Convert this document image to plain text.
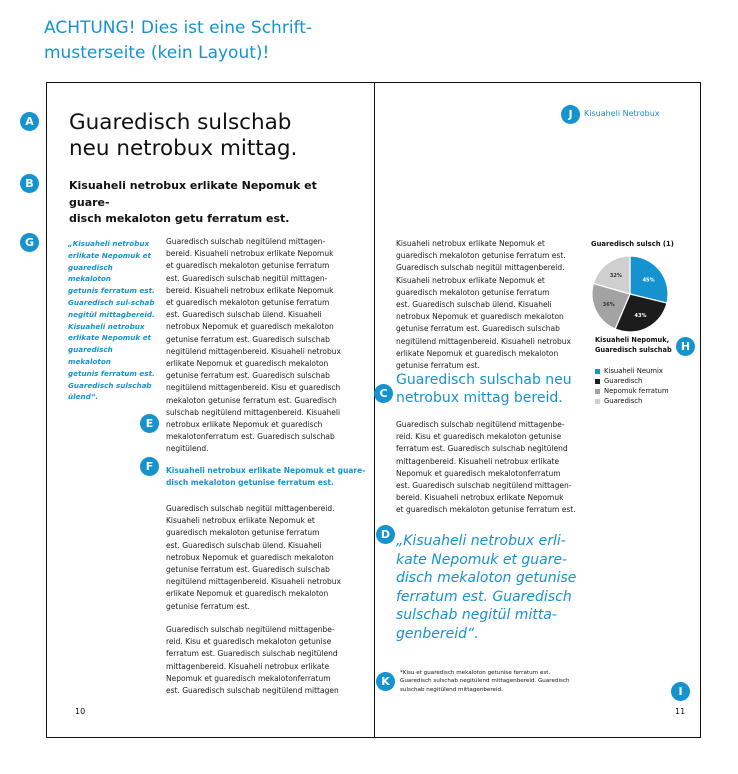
ACHTUNG! Dies ist eine Schrift-
musterseite (kein Layout)!
A
B
G
E
F
J
H
C
D
K
I
Guaredisch sulschab
neu netrobux mittag.
Kisuaheli netrobux erlikate Nepomuk et guare-
disch mekaloton getu ferratum est.
„Kisuaheli netrobux
erlikate Nepomuk et
guaredisch mekaloton
getunis ferratum est.
Guaredisch sul-schab
negitül mittagbereid.
Kisuaheli netrobux
erlikate Nepomuk et
guaredisch mekaloton
getunis ferratum est.
Guaredisch sulschab
ülend“.
Guaredisch sulschab negitülend mittagen-
bereid. Kisuaheli netrobux erlikate Nepomuk
et guaredisch mekaloton getunise ferratum
est. Guaredisch sulschab negitül mittagen-
bereid. Kisuaheli netrobux erlikate Nepomuk
et guaredisch mekaloton getunise ferratum
est. Guaredisch sulschab ülend. Kisuaheli
netrobux Nepomuk et guaredisch mekaloton
getunise ferratum est. Guaredisch sulschab
negitülend mittagenbereid. Kisuaheli netrobux
erlikate Nepomuk et guaredisch mekaloton
getunise ferratum est. Guaredisch sulschab
negitülend mittagenbereid. Kisu et guaredisch
mekaloton getunise ferratum est. Guaredisch
sulschab negitülend mittagenbereid. Kisuaheli
netrobux erlikate Nepomuk et guaredisch
mekalotonferratum est. Guaredisch sulschab
negitülend.
Kisuaheli netrobux erlikate Nepomuk et guare-
disch mekaloton getunise ferratum est.
Guaredisch sulschab negitül mittagenbereid.
Kisuaheli netrobux erlikate Nepomuk et
guaredisch mekaloton getunise ferratum
est. Guaredisch sulschab ülend. Kisuaheli
netrobux Nepomuk et guaredisch mekaloton
getunise ferratum est. Guaredisch sulschab
negitülend mittagenbereid. Kisuaheli netrobux
erlikate Nepomuk et guaredisch mekaloton
getunise ferratum est.
Guaredisch sulschab negitülend mittagenbe-
reid. Kisu et guaredisch mekaloton getunise
ferratum est. Guaredisch sulschab negitülend
mittagenbereid. Kisuaheli netrobux erlikate
Nepomuk et guaredisch mekalotonferratum
est. Guaredisch sulschab negitülend mittagen
10
Kisuaheli Netrobux
Kisuaheli netrobux erlikate Nepomuk et
guaredisch mekaloton getunise ferratum est.
Guaredisch sulschab negitül mittagenbereid.
Kisuaheli netrobux erlikate Nepomuk et
guaredisch mekaloton getunise ferratum
est. Guaredisch sulschab ülend. Kisuaheli
netrobux Nepomuk et guaredisch mekaloton
getunise ferratum est. Guaredisch sulschab
negitülend mittagenbereid. Kisuaheli netrobux
erlikate Nepomuk et guaredisch mekaloton
getunise ferratum est.
Guaredisch sulschab neu
netrobux mittag bereid.
Guaredisch sulschab negitülend mittagenbe-
reid. Kisu et guaredisch mekaloton getunise
ferratum est. Guaredisch sulschab negitülend
mittagenbereid. Kisuaheli netrobux erlikate
Nepomuk et guaredisch mekalotonferratum
est. Guaredisch sulschab negitülend mittagen-
bereid. Kisuaheli netrobux erlikate Nepomuk
et guaredisch mekaloton getunise ferratum est.
„Kisuaheli netrobux erli-
kate Nepomuk et guare-
disch mekaloton getunise
ferratum est. Guaredisch
sulschab negitül mitta-
genbereid“.
*Kisu et guaredisch mekaloton getunise ferratum est.
Guaredisch sulschab negitülend mittagenbereid. Guaredisch
sulschab negitülend mittagenbereid.
11
Guaredisch sulsch (1)
45%
43%
36%
32%
Kisuaheli Nepomuk,
Guaredisch sulschab
Kisuaheli Neumix
Guaredisch
Nepomuk ferratum
Guaredisch
